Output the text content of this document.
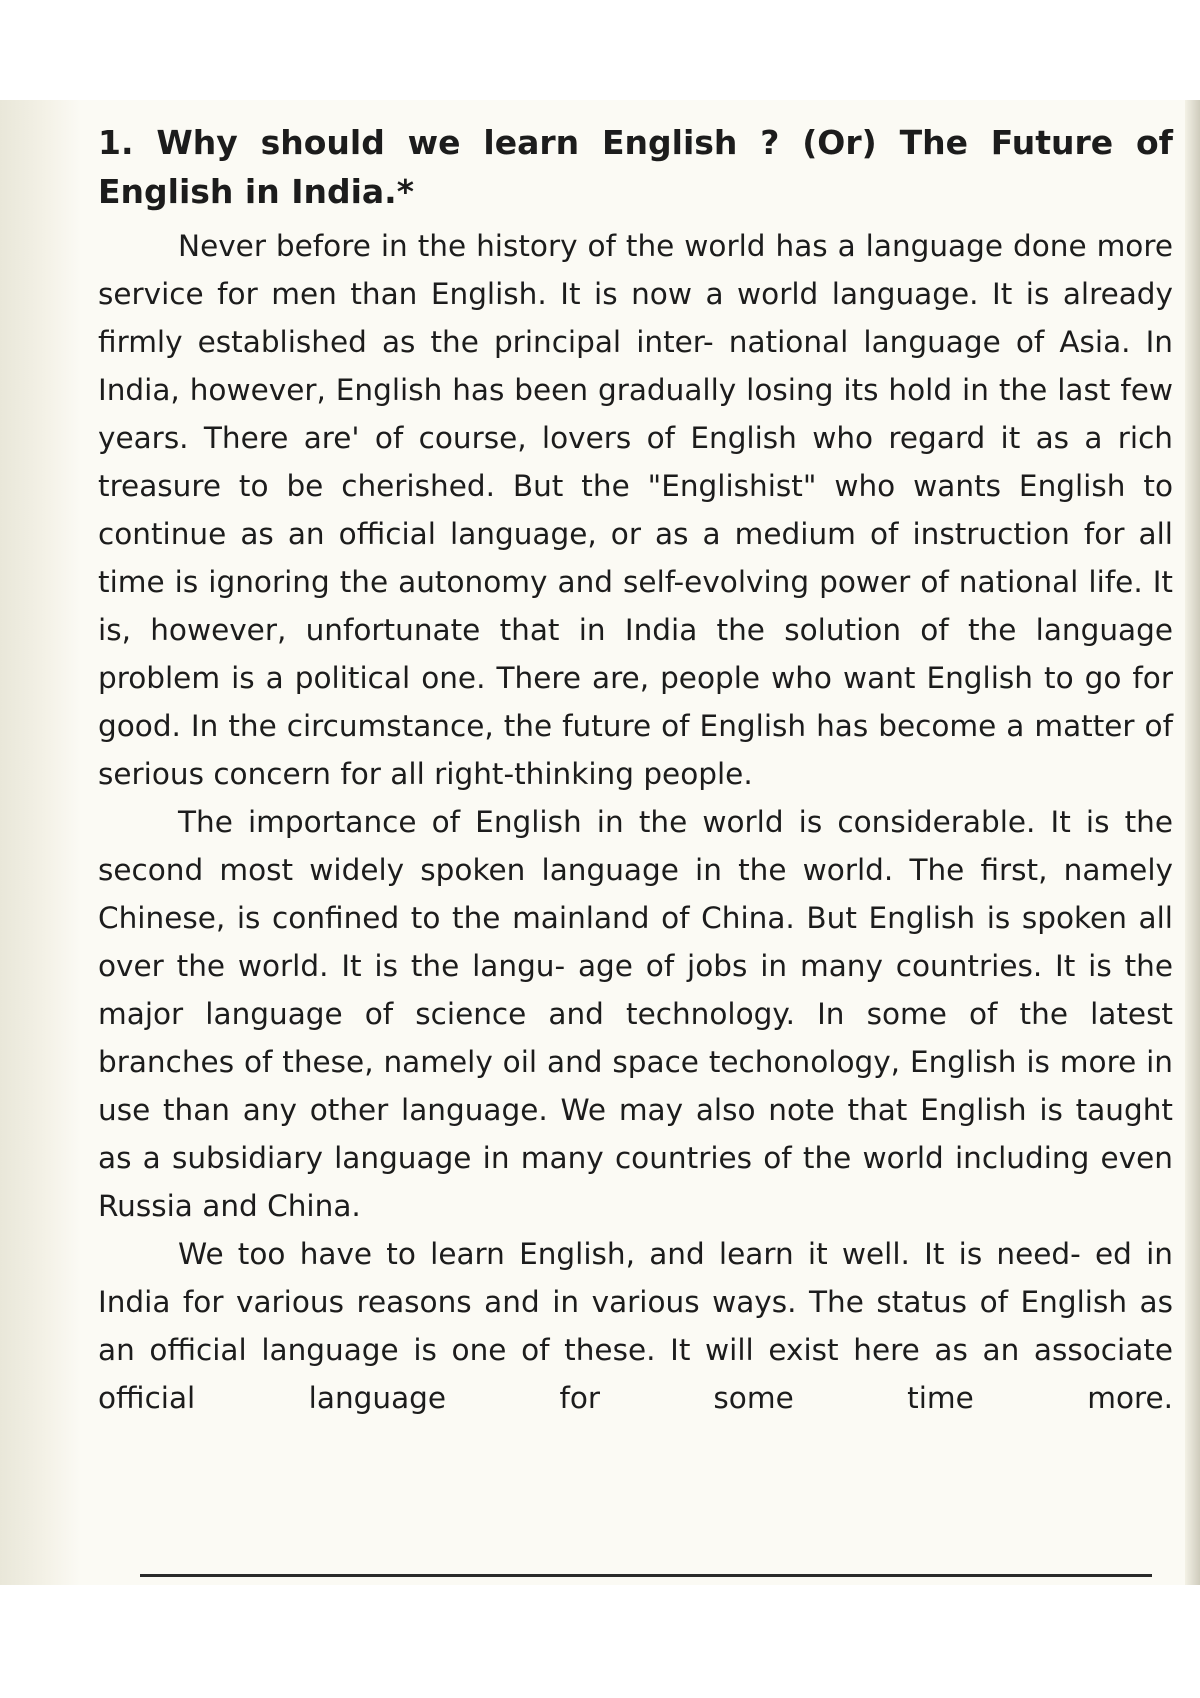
1. Why should we learn English ? (Or) The Future of English in India.*

Never before in the history of the world has a language done more service for men than English. It is now a world language. It is already firmly established as the principal inter- national language of Asia. In India, however, English has been gradually losing its hold in the last few years. There are' of course, lovers of English who regard it as a rich treasure to be cherished. But the "Englishist" who wants English to continue as an official language, or as a medium of instruction for all time is ignoring the autonomy and self-evolving power of national life. It is, however, unfortunate that in India the solution of the language problem is a political one. There are, people who want English to go for good. In the circumstance, the future of English has become a matter of serious concern for all right-thinking people.

The importance of English in the world is considerable. It is the second most widely spoken language in the world. The first, namely Chinese, is confined to the mainland of China. But English is spoken all over the world. It is the langu- age of jobs in many countries. It is the major language of science and technology. In some of the latest branches of these, namely oil and space techonology, English is more in use than any other language. We may also note that English is taught as a subsidiary language in many countries of the world including even Russia and China.

We too have to learn English, and learn it well. It is need- ed in India for various reasons and in various ways. The status of English as an official language is one of these. It will exist here as an associate official language for some time more.
